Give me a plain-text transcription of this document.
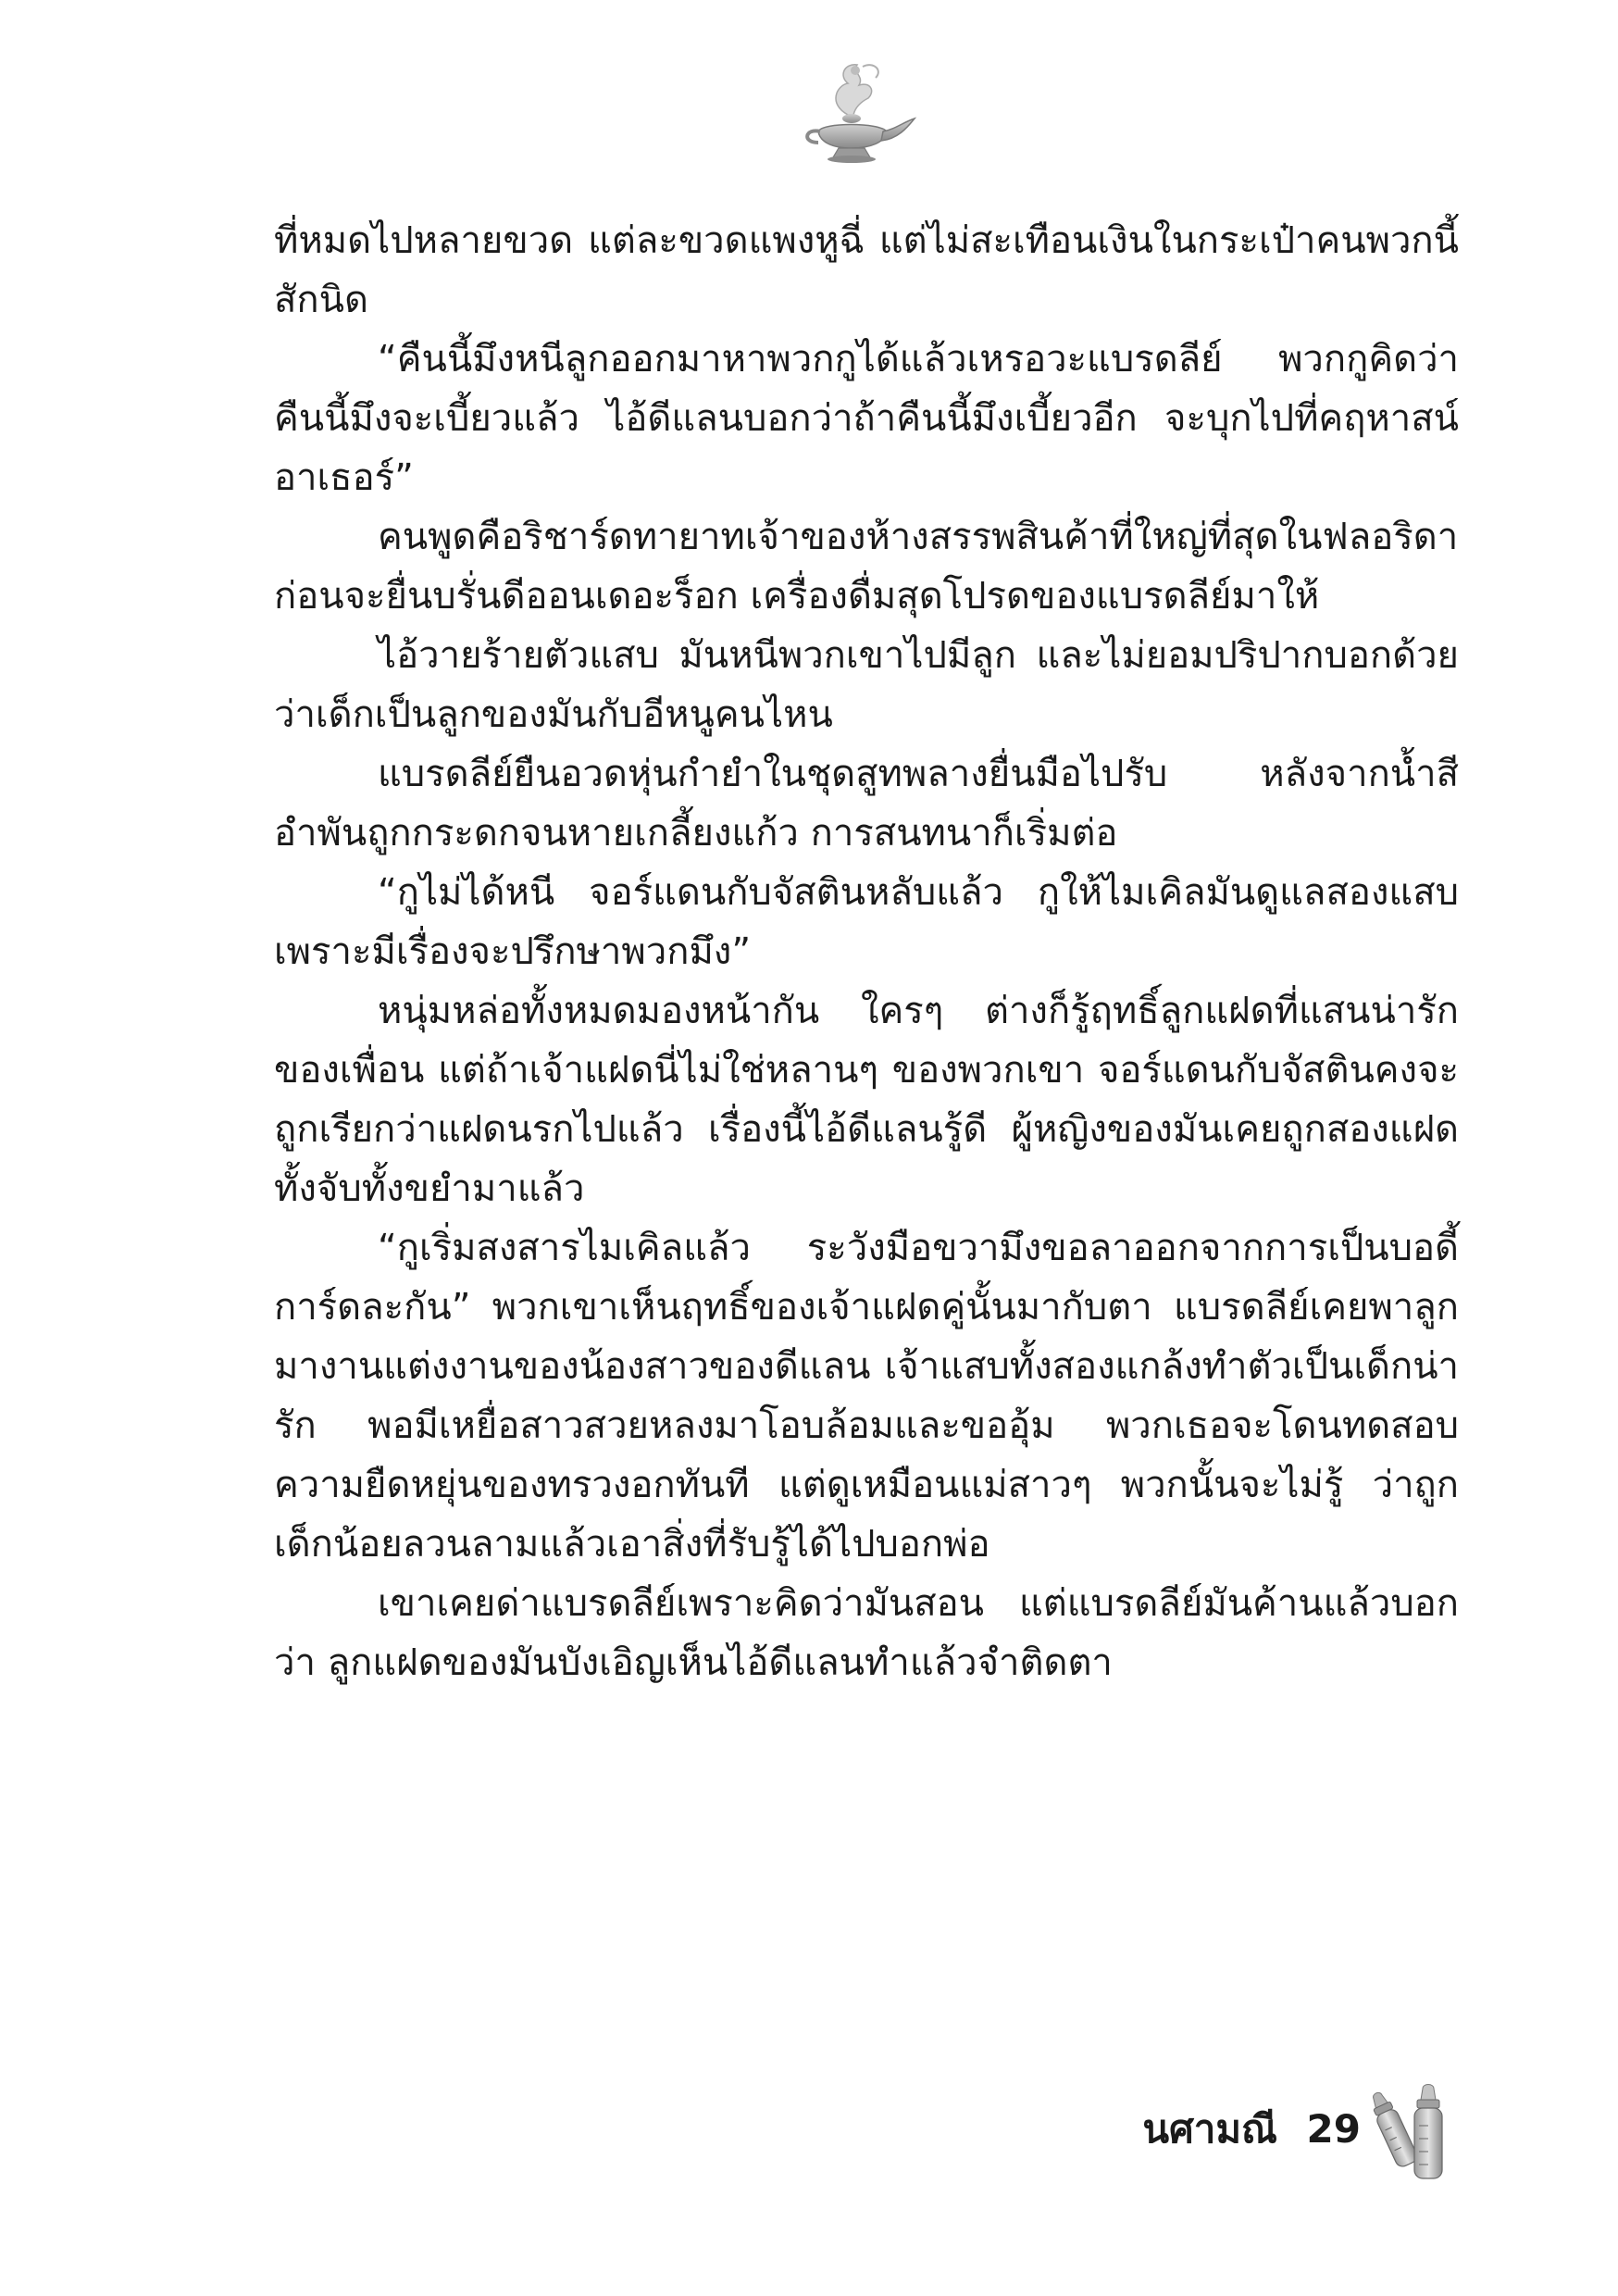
ที่หมดไปหลายขวด แต่ละขวดแพงหูฉี่ แต่ไม่สะเทือนเงินในกระเป๋าคนพวกนี้สักนิด

“คืนนี้มึงหนีลูกออกมาหาพวกกูได้แล้วเหรอวะแบรดลีย์ พวกกูคิดว่าคืนนี้มึงจะเบี้ยวแล้ว ไอ้ดีแลนบอกว่าถ้าคืนนี้มึงเบี้ยวอีก จะบุกไปที่คฤหาสน์อาเธอร์”

คนพูดคือริชาร์ดทายาทเจ้าของห้างสรรพสินค้าที่ใหญ่ที่สุดในฟลอริดา ก่อนจะยื่นบรั่นดีออนเดอะร็อก เครื่องดื่มสุดโปรดของแบรดลีย์มาให้

ไอ้วายร้ายตัวแสบ มันหนีพวกเขาไปมีลูก และไม่ยอมปริปากบอกด้วยว่าเด็กเป็นลูกของมันกับอีหนูคนไหน

แบรดลีย์ยืนอวดหุ่นกำยำในชุดสูทพลางยื่นมือไปรับ หลังจากน้ำสีอำพันถูกกระดกจนหายเกลี้ยงแก้ว การสนทนาก็เริ่มต่อ

“กูไม่ได้หนี จอร์แดนกับจัสตินหลับแล้ว กูให้ไมเคิลมันดูแลสองแสบเพราะมีเรื่องจะปรึกษาพวกมึง”

หนุ่มหล่อทั้งหมดมองหน้ากัน ใครๆ ต่างก็รู้ฤทธิ์ลูกแฝดที่แสนน่ารักของเพื่อน แต่ถ้าเจ้าแฝดนี่ไม่ใช่หลานๆ ของพวกเขา จอร์แดนกับจัสตินคงจะถูกเรียกว่าแฝดนรกไปแล้ว เรื่องนี้ไอ้ดีแลนรู้ดี ผู้หญิงของมันเคยถูกสองแฝดทั้งจับทั้งขยำมาแล้ว

“กูเริ่มสงสารไมเคิลแล้ว ระวังมือขวามึงขอลาออกจากการเป็นบอดี้การ์ดละกัน” พวกเขาเห็นฤทธิ์ของเจ้าแฝดคู่นั้นมากับตา แบรดลีย์เคยพาลูกมางานแต่งงานของน้องสาวของดีแลน เจ้าแสบทั้งสองแกล้งทำตัวเป็นเด็กน่ารัก พอมีเหยื่อสาวสวยหลงมาโอบล้อมและขออุ้ม พวกเธอจะโดนทดสอบความยืดหยุ่นของทรวงอกทันที แต่ดูเหมือนแม่สาวๆ พวกนั้นจะไม่รู้ ว่าถูกเด็กน้อยลวนลามแล้วเอาสิ่งที่รับรู้ได้ไปบอกพ่อ

เขาเคยด่าแบรดลีย์เพราะคิดว่ามันสอน แต่แบรดลีย์มันค้านแล้วบอกว่า ลูกแฝดของมันบังเอิญเห็นไอ้ดีแลนทำแล้วจำติดตา

นศามณี 29
